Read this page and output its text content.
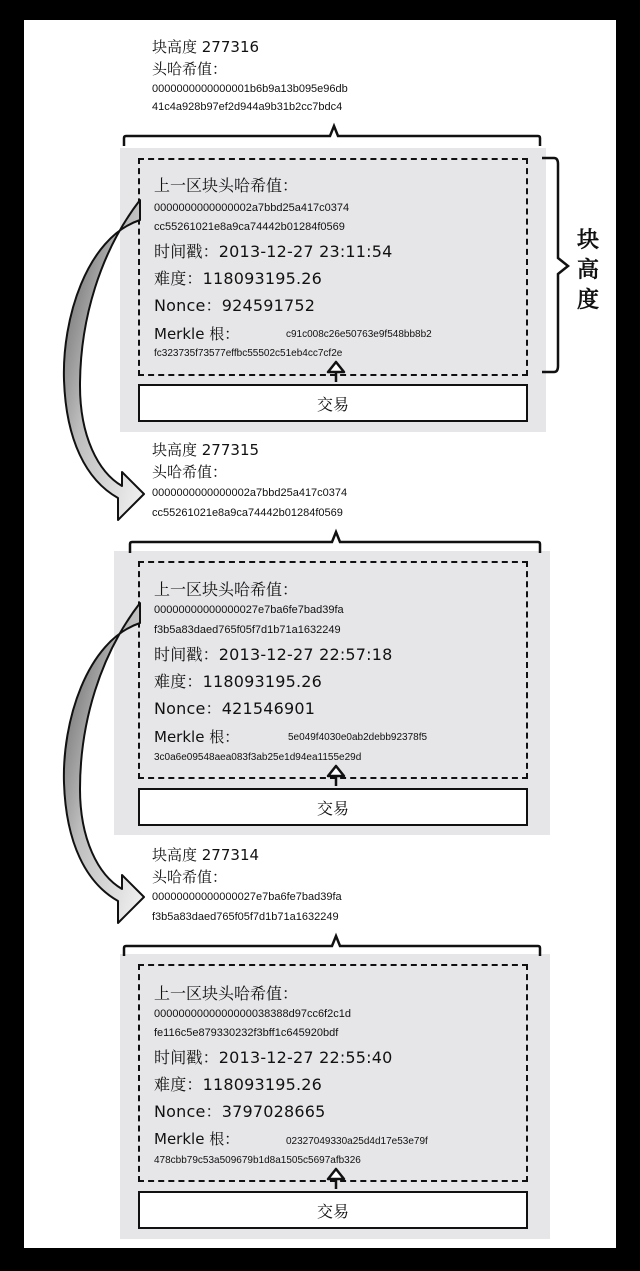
块高度 277316
头哈希值：
0000000000000001b6b9a13b095e96db
41c4a928b97ef2d944a9b31b2cc7bdc4
上一区块头哈希值：
0000000000000002a7bbd25a417c0374
cc55261021e8a9ca74442b01284f0569
时间戳：2013-12-27 23:11:54
难度：118093195.26
Nonce：924591752
Merkle 根：	c91c008c26e50763e9f548bb8b2
fc323735f73577effbc55502c51eb4cc7cf2e
交易
块
高
度
块高度 277315
头哈希值：
0000000000000002a7bbd25a417c0374
cc55261021e8a9ca74442b01284f0569
上一区块头哈希值：
00000000000000027e7ba6fe7bad39fa
f3b5a83daed765f05f7d1b71a1632249
时间戳：2013-12-27 22:57:18
难度：118093195.26
Nonce：421546901
Merkle 根：	5e049f4030e0ab2debb92378f5
3c0a6e09548aea083f3ab25e1d94ea1155e29d
交易
块高度 277314
头哈希值：
00000000000000027e7ba6fe7bad39fa
f3b5a83daed765f05f7d1b71a1632249
上一区块头哈希值：
0000000000000000038388d97cc6f2c1d
fe116c5e879330232f3bff1c645920bdf
时间戳：2013-12-27 22:55:40
难度：118093195.26
Nonce：3797028665
Merkle 根：	02327049330a25d4d17e53e79f
478cbb79c53a509679b1d8a1505c5697afb326
交易
